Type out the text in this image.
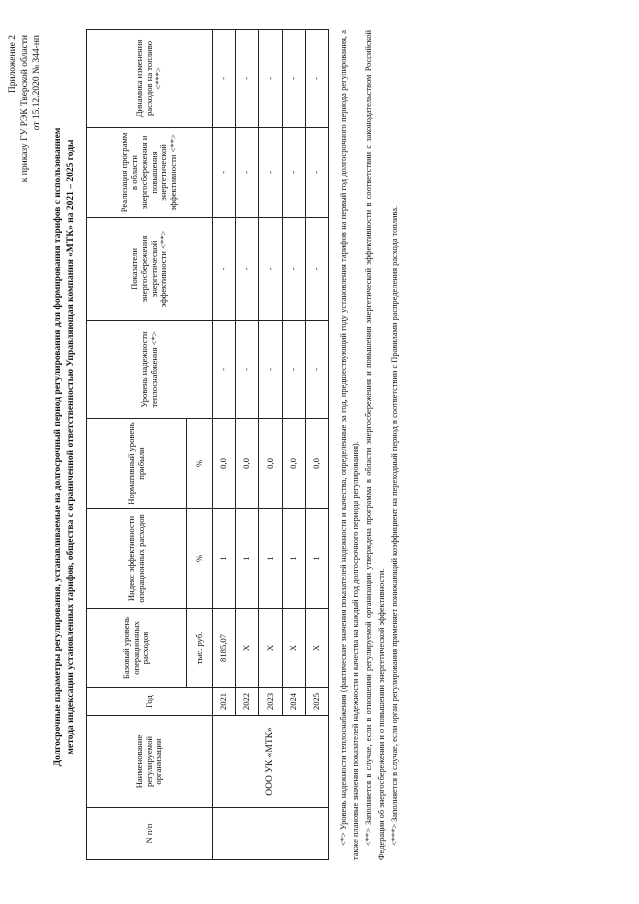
Приложение 2 к приказу ГУ РЭК Тверской области от 15.12.2020 № 344-нп
Долгосрочные параметры регулирования, устанавливаемые на долгосрочный период регулирования для формирования тарифов с использованием метода индексации установленных тарифов, общества с ограниченной ответственностью Управляющая компания «МТК» на 2021 – 2025 годы
N п/п	Наименование регулируемой организации	Год	Базовый уровень операционных расходов	Индекс эффективности операционных расходов	Нормативный уровень прибыли	Уровень надежности теплоснабжения <*>	Показатели энергосбережения энергетической эффективности <**>	Реализация программ в области энергосбережения и повышения энергетической эффективности <**>	Динамика изменения расходов на топливо <***>
			тыс. руб.	%	%				
	ООО УК «МТК»	2021	8185,07	1	0,0	-	-	-	-
		2022	Х	1	0,0	-	-	-	-
		2023	Х	1	0,0	-	-	-	-
		2024	Х	1	0,0	-	-	-	-
		2025	Х	1	0,0	-	-	-	- <*> Уровень надежности теплоснабжения (фактические значения показателей надежности и качества, определенные за год, предшествующий году установления тарифов на первый год долгосрочного периода регулирования, а также плановые значения показателей надежности и качества на каждый год долгосрочного периода регулирования). <**> Заполняется в случае, если в отношении регулируемой организации утверждена программа в области энергосбережения и повышения энергетической эффективности в соответствии с законодательством Российской Федерации об энергосбережении и о повышении энергетической эффективности. <***> Заполняется в случае, если орган регулирования применяет понижающий коэффициент на переходный период в соответствии с Правилами распределения расхода топлива.
